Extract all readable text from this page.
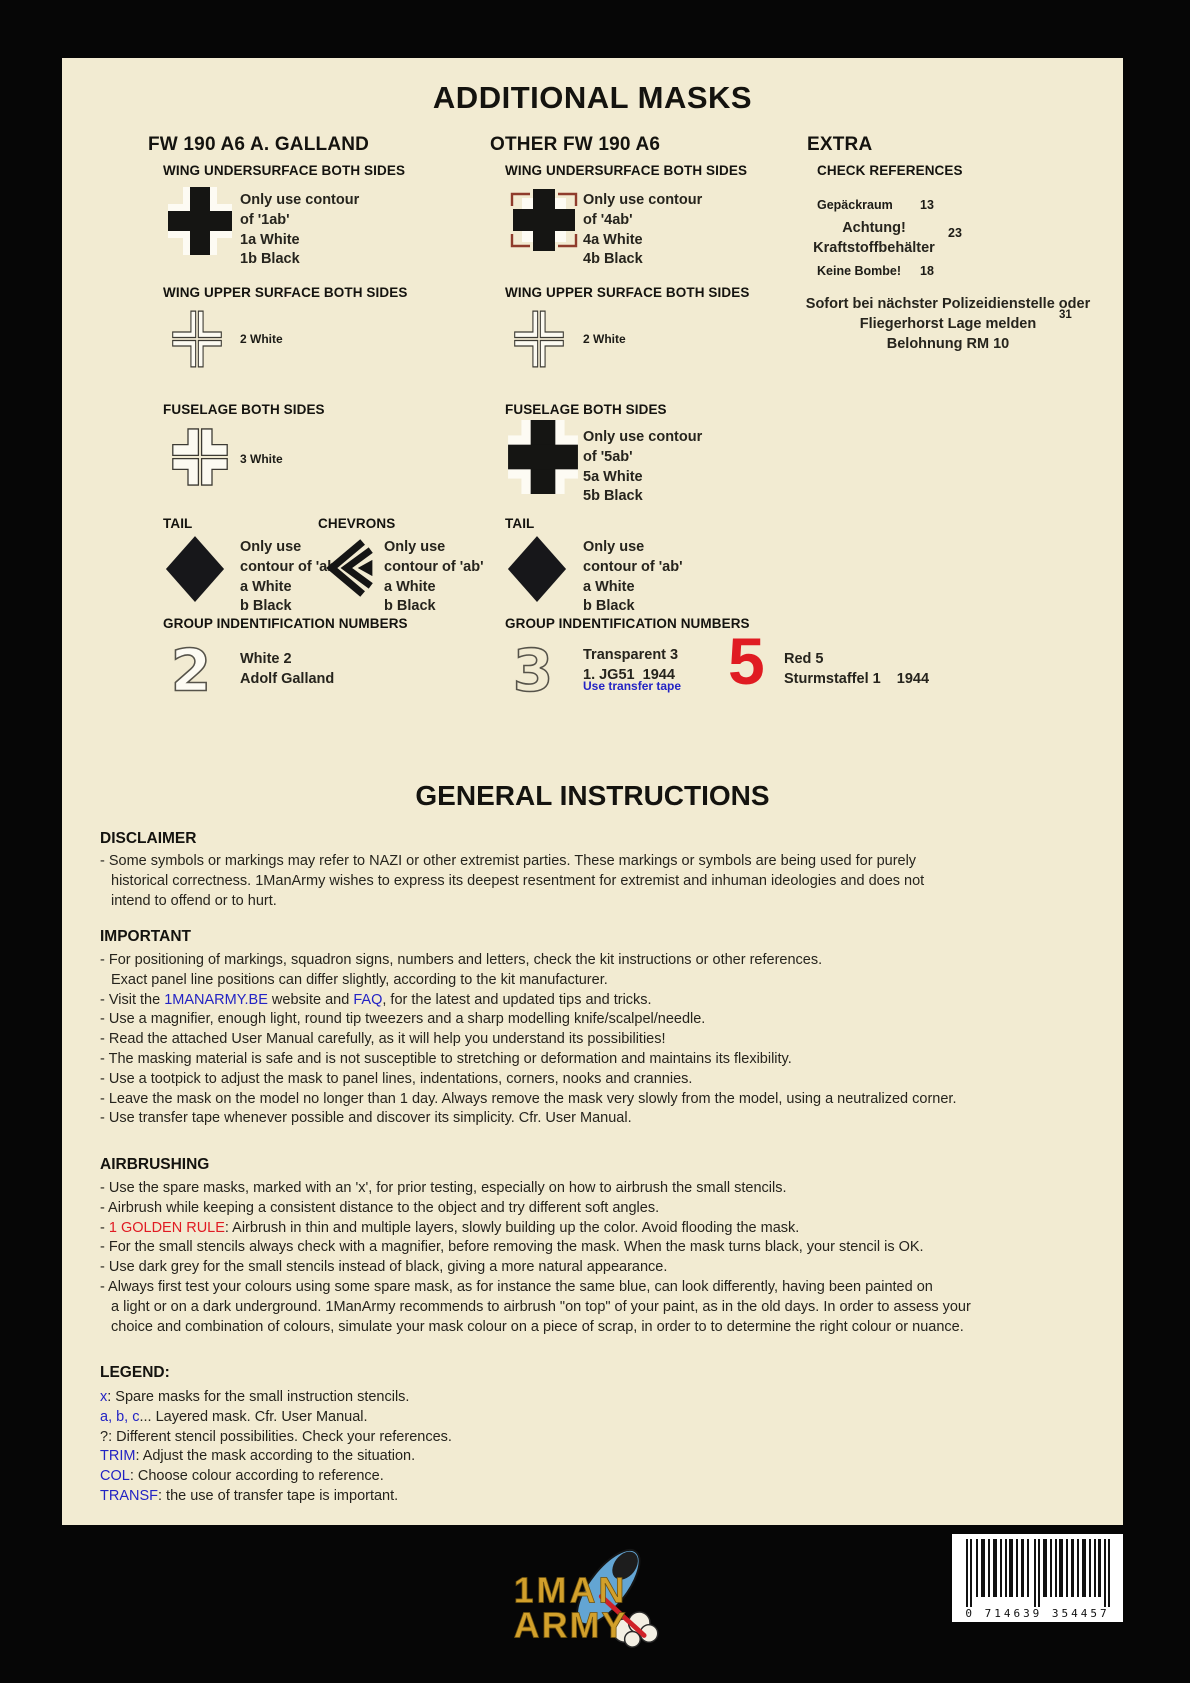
ADDITIONAL MASKS
FW 190 A6 A. GALLAND
WING UNDERSURFACE BOTH SIDES
Only use contour
of '1ab'
1a White
1b Black
WING UPPER SURFACE BOTH SIDES
2 White
FUSELAGE BOTH SIDES
3 White
TAIL	CHEVRONS
Only use
contour of 'ab'
a White
b Black
Only use
contour of 'ab'
a White
b Black
GROUP INDENTIFICATION NUMBERS
2 White 2
Adolf Galland
OTHER FW 190 A6
WING UNDERSURFACE BOTH SIDES
Only use contour
of '4ab'
4a White
4b Black
WING UPPER SURFACE BOTH SIDES
2 White
FUSELAGE BOTH SIDES
Only use contour
of '5ab'
5a White
5b Black
TAIL
Only use
contour of 'ab'
a White
b Black
GROUP INDENTIFICATION NUMBERS
3 Transparent 3
1. JG51  1944
Use transfer tape 5 Red 5
Sturmstaffel 1    1944
EXTRA
CHECK REFERENCES
Gepäckraum 13
Achtung!
Kraftstoffbehälter
23
Keine Bombe! 18
Sofort bei nächster Polizeidienstelle oder
Fliegerhorst Lage melden
Belohnung RM 10
31
GENERAL INSTRUCTIONS
DISCLAIMER
- Some symbols or markings may refer to NAZI or other extremist parties. These markings or symbols are being used for purely
historical correctness. 1ManArmy wishes to express its deepest resentment for extremist and inhuman ideologies and does not
intend to offend or to hurt.
IMPORTANT
- For positioning of markings, squadron signs, numbers and letters, check the kit instructions or other references.
Exact panel line positions can differ slightly, according to the kit manufacturer.
- Visit the 1MANARMY.BE website and FAQ, for the latest and updated tips and tricks.
- Use a magnifier, enough light, round tip tweezers and a sharp modelling knife/scalpel/needle.
- Read the attached User Manual carefully, as it will help you understand its possibilities!
- The masking material is safe and is not susceptible to stretching or deformation and maintains its flexibility.
- Use a tootpick to adjust the mask to panel lines, indentations, corners, nooks and crannies.
- Leave the mask on the model no longer than 1 day. Always remove the mask very slowly from the model, using a neutralized corner.
- Use transfer tape whenever possible and discover its simplicity. Cfr. User Manual.
AIRBRUSHING
- Use the spare masks, marked with an 'x', for prior testing, especially on how to airbrush the small stencils.
- Airbrush while keeping a consistent distance to the object and try different soft angles.
- 1 GOLDEN RULE: Airbrush in thin and multiple layers, slowly building up the color. Avoid flooding the mask.
- For the small stencils always check with a magnifier, before removing the mask. When the mask turns black, your stencil is OK.
- Use dark grey for the small stencils instead of black, giving a more natural appearance.
- Always first test your colours using some spare mask, as for instance the same blue, can look differently, having been painted on
a light or on a dark underground. 1ManArmy recommends to airbrush "on top" of your paint, as in the old days. In order to assess your
choice and combination of colours, simulate your mask colour on a piece of scrap, in order to to determine the right colour or nuance.
LEGEND:
x: Spare masks for the small instruction stencils.
a, b, c... Layered mask. Cfr. User Manual.
?: Different stencil possibilities. Check your references.
TRIM: Adjust the mask according to the situation.
COL: Choose colour according to reference.
TRANSF: the use of transfer tape is important.
1MAN
ARMY	0 714639 354457
